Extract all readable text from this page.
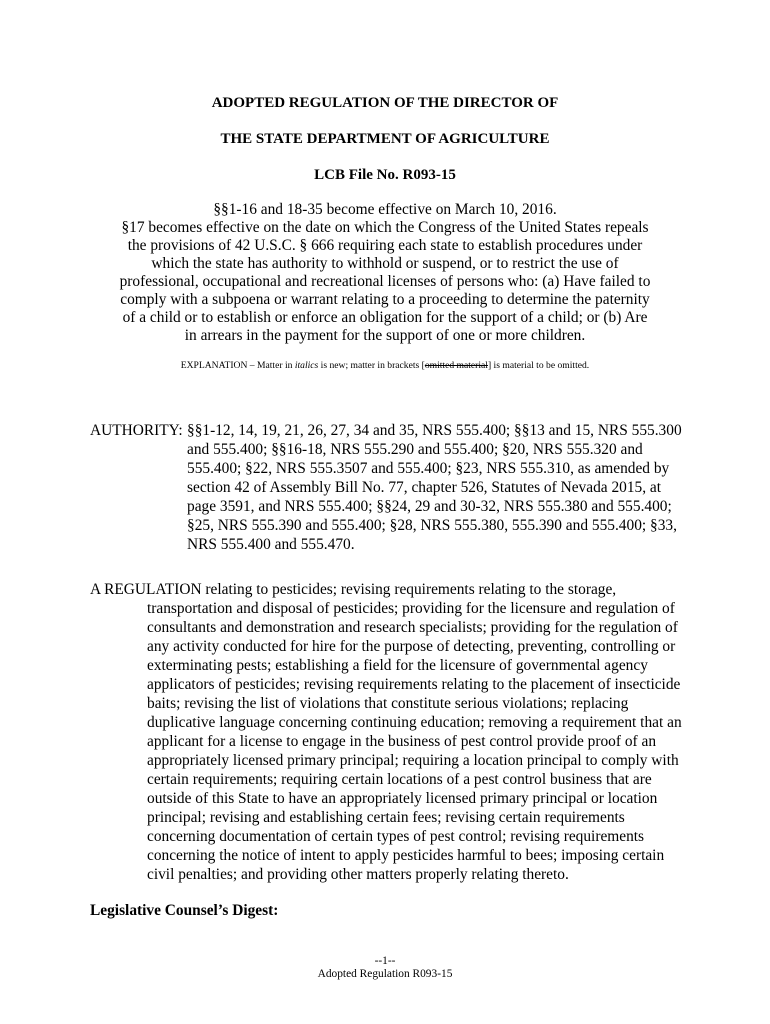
ADOPTED REGULATION OF THE DIRECTOR OF
THE STATE DEPARTMENT OF AGRICULTURE
LCB File No. R093-15

§§1-16 and 18-35 become effective on March 10, 2016.

§17 becomes effective on the date on which the Congress of the United States repeals

the provisions of 42 U.S.C. § 666 requiring each state to establish procedures under

which the state has authority to withhold or suspend, or to restrict the use of

professional, occupational and recreational licenses of persons who: (a) Have failed to

comply with a subpoena or warrant relating to a proceeding to determine the paternity

of a child or to establish or enforce an obligation for the support of a child; or (b) Are

in arrears in the payment for the support of one or more children.

EXPLANATION – Matter in italics is new; matter in brackets [omitted material] is material to be omitted.
AUTHORITY: §§1-12, 14, 19, 21, 26, 27, 34 and 35, NRS 555.400; §§13 and 15, NRS 555.300
and 555.400; §§16-18, NRS 555.290 and 555.400; §20, NRS 555.320 and
555.400; §22, NRS 555.3507 and 555.400; §23, NRS 555.310, as amended by
section 42 of Assembly Bill No. 77, chapter 526, Statutes of Nevada 2015, at
page 3591, and NRS 555.400; §§24, 29 and 30-32, NRS 555.380 and 555.400;
§25, NRS 555.390 and 555.400; §28, NRS 555.380, 555.390 and 555.400; §33,
NRS 555.400 and 555.470.
A REGULATION relating to pesticides; revising requirements relating to the storage,
transportation and disposal of pesticides; providing for the licensure and regulation of
consultants and demonstration and research specialists; providing for the regulation of
any activity conducted for hire for the purpose of detecting, preventing, controlling or
exterminating pests; establishing a field for the licensure of governmental agency
applicators of pesticides; revising requirements relating to the placement of insecticide
baits; revising the list of violations that constitute serious violations; replacing
duplicative language concerning continuing education; removing a requirement that an
applicant for a license to engage in the business of pest control provide proof of an
appropriately licensed primary principal; requiring a location principal to comply with
certain requirements; requiring certain locations of a pest control business that are
outside of this State to have an appropriately licensed primary principal or location
principal; revising and establishing certain fees; revising certain requirements
concerning documentation of certain types of pest control; revising requirements
concerning the notice of intent to apply pesticides harmful to bees; imposing certain
civil penalties; and providing other matters properly relating thereto.
Legislative Counsel’s Digest:
--1--
Adopted Regulation R093-15
